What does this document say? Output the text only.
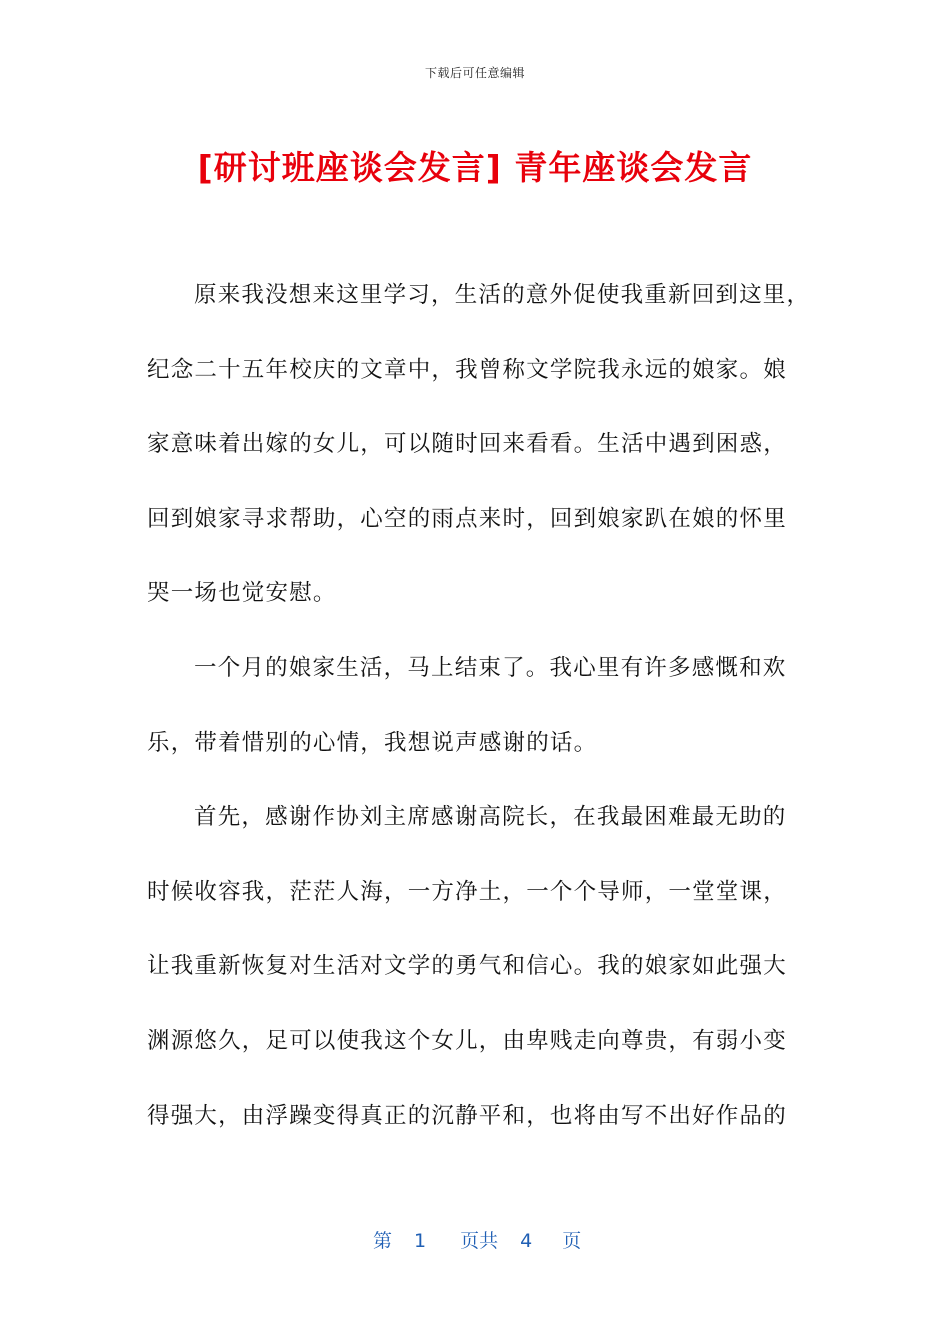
下载后可任意编辑
[研讨班座谈会发言] 青年座谈会发言
原来我没想来这里学习，生活的意外促使我重新回到这里，
纪念二十五年校庆的文章中，我曾称文学院我永远的娘家。娘
家意味着出嫁的女儿，可以随时回来看看。生活中遇到困惑，
回到娘家寻求帮助，心空的雨点来时，回到娘家趴在娘的怀里
哭一场也觉安慰。
一个月的娘家生活，马上结束了。我心里有许多感慨和欢
乐，带着惜别的心情，我想说声感谢的话。
首先，感谢作协刘主席感谢高院长，在我最困难最无助的
时候收容我，茫茫人海，一方净土，一个个导师，一堂堂课，
让我重新恢复对生活对文学的勇气和信心。我的娘家如此强大
渊源悠久，足可以使我这个女儿，由卑贱走向尊贵，有弱小变
得强大，由浮躁变得真正的沉静平和，也将由写不出好作品的
第 1 页共 4 页
